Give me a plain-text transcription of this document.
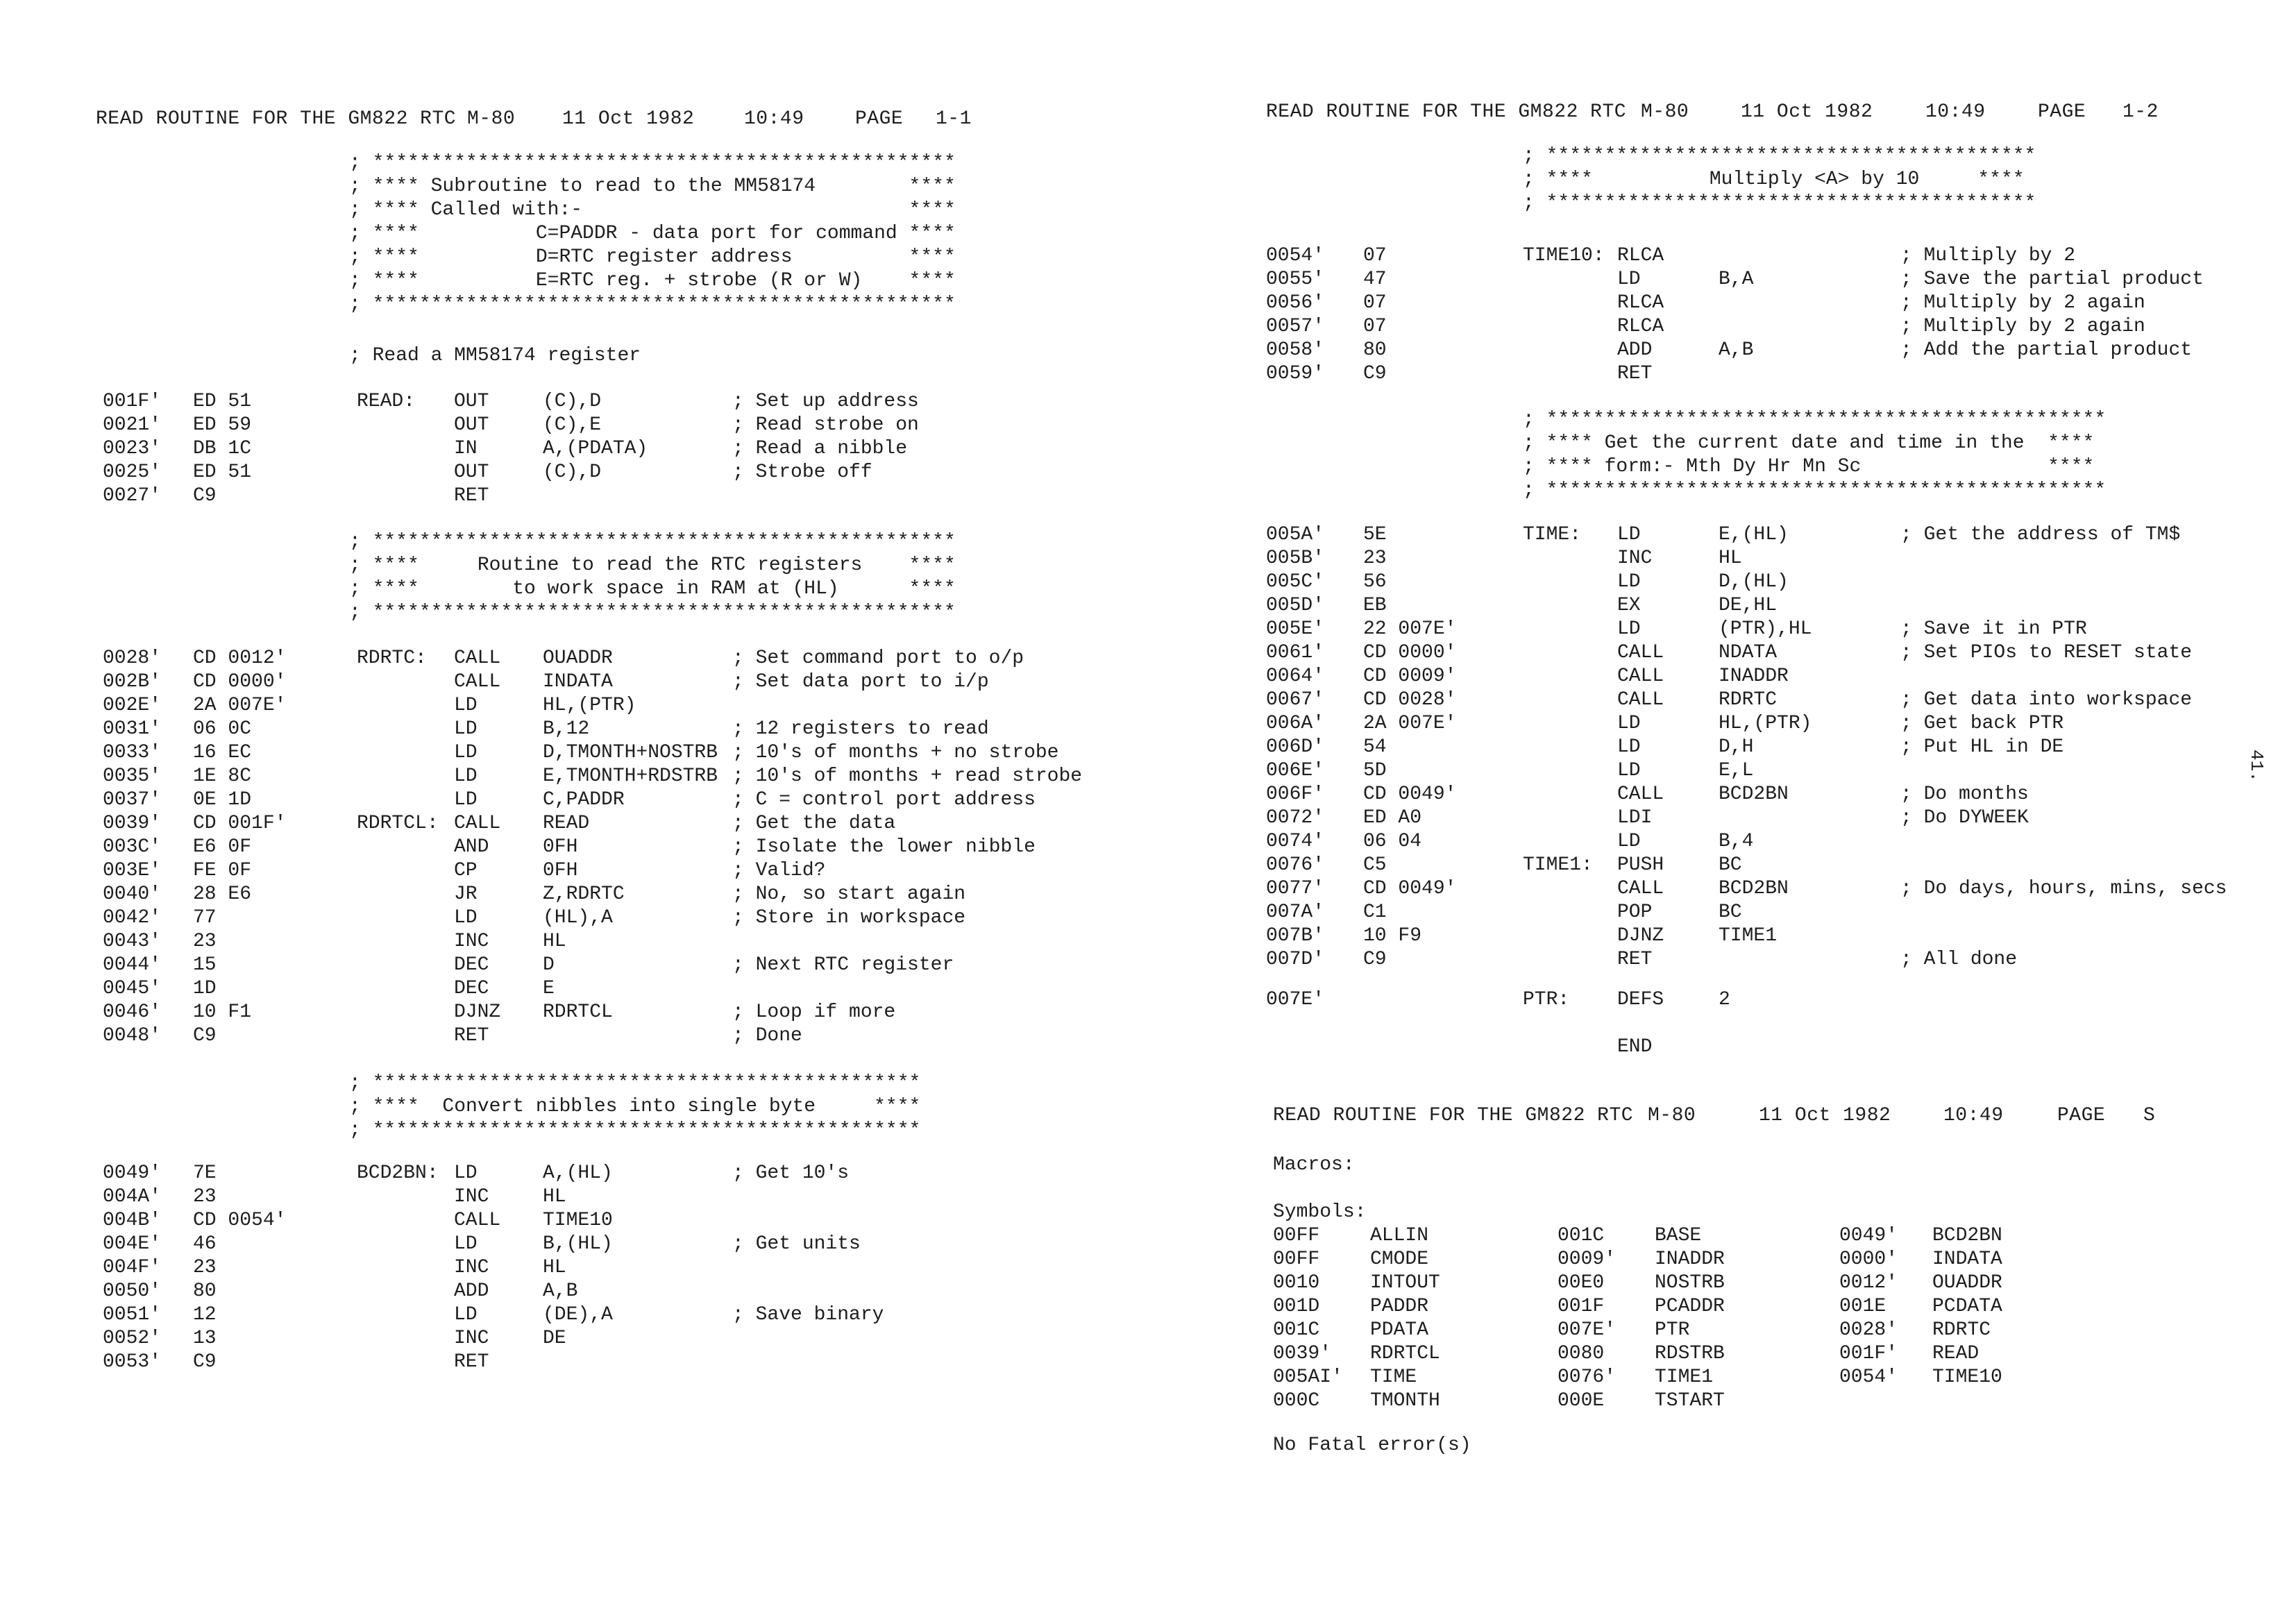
READ ROUTINE FOR THE GM822 RTC M-80 11 Oct 1982	10:49	PAGE 1-1
; **************************************************
; **** Subroutine to read to the MM58174        ****
; **** Called with:-                            ****
; ****          C=PADDR - data port for command ****
; ****          D=RTC register address          ****
; ****          E=RTC reg. + strobe (R or W)    ****
; **************************************************
; Read a MM58174 register
001F' ED 51	READ: OUT	(C),D	; Set up address
0021' ED 59	OUT	(C),E	; Read strobe on
0023' DB 1C	IN	A,(PDATA)	; Read a nibble
0025' ED 51	OUT	(C),D	; Strobe off
0027' C9	RET
; **************************************************
; ****     Routine to read the RTC registers    ****
; ****        to work space in RAM at (HL)      ****
; **************************************************
0028' CD 0012'	RDRTC: CALL OUADDR	; Set command port to o/p
002B' CD 0000'	CALL INDATA	; Set data port to i/p
002E' 2A 007E'	LD	HL,(PTR)
0031' 06 0C	LD	B,12	; 12 registers to read
0033' 16 EC	LD	D,TMONTH+NOSTRB ; 10's of months + no strobe
0035' 1E 8C	LD	E,TMONTH+RDSTRB ; 10's of months + read strobe
0037' 0E 1D	LD	C,PADDR	; C = control port address
0039' CD 001F'	RDRTCL: CALL READ	; Get the data
003C' E6 0F	AND	0FH	; Isolate the lower nibble
003E' FE 0F	CP	0FH	; Valid?
0040' 28 E6	JR	Z,RDRTC	; No, so start again
0042' 77	LD	(HL),A	; Store in workspace
0043' 23	INC	HL
0044' 15	DEC	D	; Next RTC register
0045' 1D	DEC	E
0046' 10 F1	DJNZ RDRTCL	; Loop if more
0048' C9	RET	; Done
; ***********************************************
; ****  Convert nibbles into single byte     ****
; ***********************************************
0049' 7E	BCD2BN: LD	A,(HL)	; Get 10's
004A' 23	INC	HL
004B' CD 0054'	CALL TIME10
004E' 46	LD	B,(HL)	; Get units
004F' 23	INC	HL
0050' 80	ADD	A,B
0051' 12	LD	(DE),A	; Save binary
0052' 13	INC	DE
0053' C9	RET
READ ROUTINE FOR THE GM822 RTC M-80	11 Oct 1982	10:49	PAGE 1-2
; ******************************************
; ****          Multiply <A> by 10     ****
; ******************************************
0054' 07	TIME10: RLCA	; Multiply by 2
0055' 47	LD	B,A	; Save the partial product
0056' 07	RLCA	; Multiply by 2 again
0057' 07	RLCA	; Multiply by 2 again
0058' 80	ADD	A,B	; Add the partial product
0059' C9	RET
; ************************************************
; **** Get the current date and time in the  ****
; **** form:- Mth Dy Hr Mn Sc                ****
; ************************************************
005A' 5E	TIME: LD	E,(HL)	; Get the address of TM$
005B' 23	INC	HL
005C' 56	LD	D,(HL)
005D' EB	EX	DE,HL
005E' 22 007E'	LD	(PTR),HL	; Save it in PTR
0061' CD 0000'	CALL	NDATA	; Set PIOs to RESET state
0064' CD 0009'	CALL	INADDR
0067' CD 0028'	CALL	RDRTC	; Get data into workspace
006A' 2A 007E'	LD	HL,(PTR)	; Get back PTR
006D' 54	LD	D,H	; Put HL in DE
006E' 5D	LD	E,L
006F' CD 0049'	CALL	BCD2BN	; Do months
0072' ED A0	LDI	; Do DYWEEK
0074' 06 04	LD	B,4
0076' C5	TIME1: PUSH	BC
0077' CD 0049'	CALL	BCD2BN	; Do days, hours, mins, secs
007A' C1	POP	BC
007B' 10 F9	DJNZ	TIME1
007D' C9	RET	; All done
007E'	PTR: DEFS	2
END
READ ROUTINE FOR THE GM822 RTC M-80	11 Oct 1982	10:49	PAGE S
Macros:
Symbols:
00FF	ALLIN	001C	BASE	0049' BCD2BN
00FF	CMODE	0009' INADDR	0000' INDATA
0010	INTOUT	00E0	NOSTRB	0012' OUADDR
001D	PADDR	001F	PCADDR	001E PCDATA
001C	PDATA	007E' PTR	0028' RDRTC
0039' RDRTCL	0080	RDSTRB	001F' READ
005AI' TIME	0076' TIME1	0054' TIME10
000C	TMONTH	000E	TSTART
No Fatal error(s)
41.
